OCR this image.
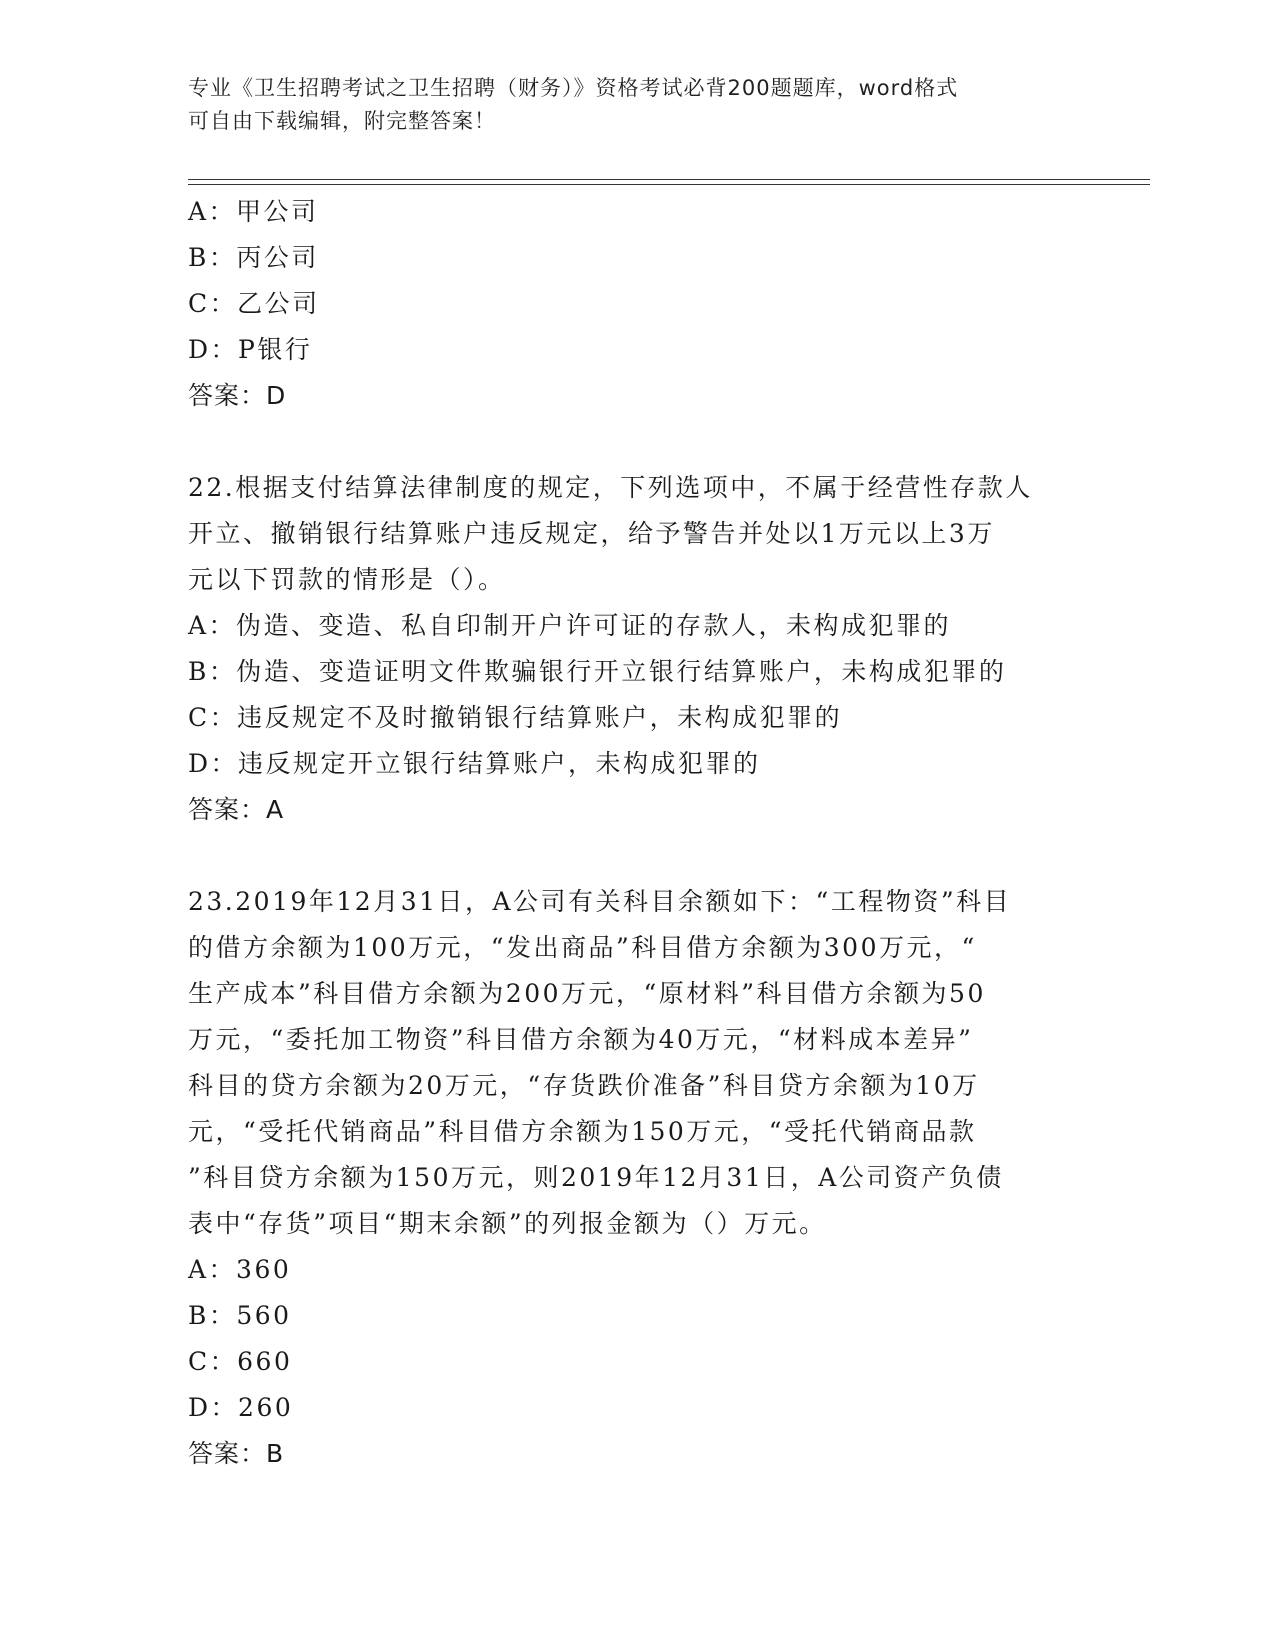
专业《卫生招聘考试之卫生招聘（财务）》资格考试必背200题题库，word格式
可自由下载编辑，附完整答案！
A：甲公司
B：丙公司
C：乙公司
D：P银行
答案：D
22.根据支付结算法律制度的规定，下列选项中，不属于经营性存款人
开立、撤销银行结算账户违反规定，给予警告并处以1万元以上3万
元以下罚款的情形是（）。
A：伪造、变造、私自印制开户许可证的存款人，未构成犯罪的
B：伪造、变造证明文件欺骗银行开立银行结算账户，未构成犯罪的
C：违反规定不及时撤销银行结算账户，未构成犯罪的
D：违反规定开立银行结算账户，未构成犯罪的
答案：A
23.2019年12月31日，A公司有关科目余额如下：“工程物资”科目
的借方余额为100万元，“发出商品”科目借方余额为300万元，“
生产成本”科目借方余额为200万元，“原材料”科目借方余额为50
万元，“委托加工物资”科目借方余额为40万元，“材料成本差异”
科目的贷方余额为20万元，“存货跌价准备”科目贷方余额为10万
元，“受托代销商品”科目借方余额为150万元，“受托代销商品款
”科目贷方余额为150万元，则2019年12月31日，A公司资产负债
表中“存货”项目“期末余额”的列报金额为（）万元。
A：360
B：560
C：660
D：260
答案：B
